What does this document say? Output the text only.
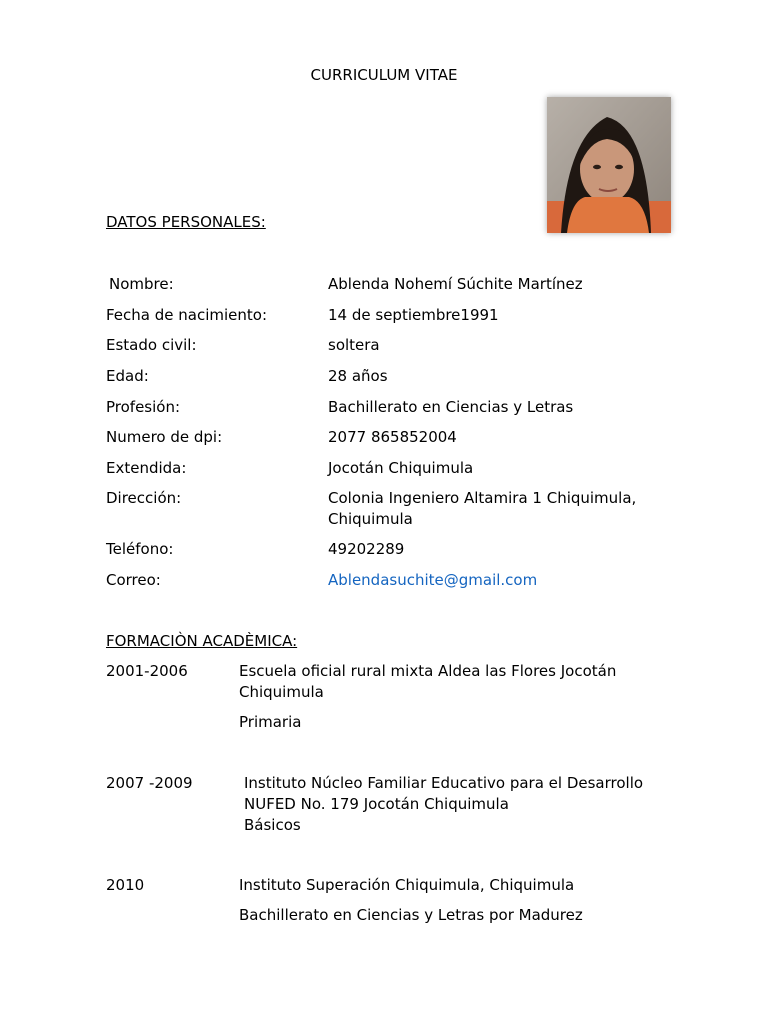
CURRICULUM VITAE
DATOS PERSONALES:
Nombre:	Ablenda Nohemí Súchite Martínez
Fecha de nacimiento:	14 de septiembre1991
Estado civil:	soltera
Edad:	28 años
Profesión:	Bachillerato en Ciencias y Letras
Numero de dpi:	2077 865852004
Extendida:	Jocotán Chiquimula
Dirección:	Colonia Ingeniero Altamira 1 Chiquimula,
Chiquimula
Teléfono:	49202289
Correo:	Ablendasuchite@gmail.com
FORMACIÒN ACADÈMICA:
2001-2006	Escuela oficial rural mixta Aldea las Flores Jocotán
Chiquimula
Primaria
2007 -2009	Instituto Núcleo Familiar Educativo para el Desarrollo
NUFED No. 179 Jocotán Chiquimula
Básicos
2010	Instituto Superación Chiquimula, Chiquimula
Bachillerato en Ciencias y Letras por Madurez
